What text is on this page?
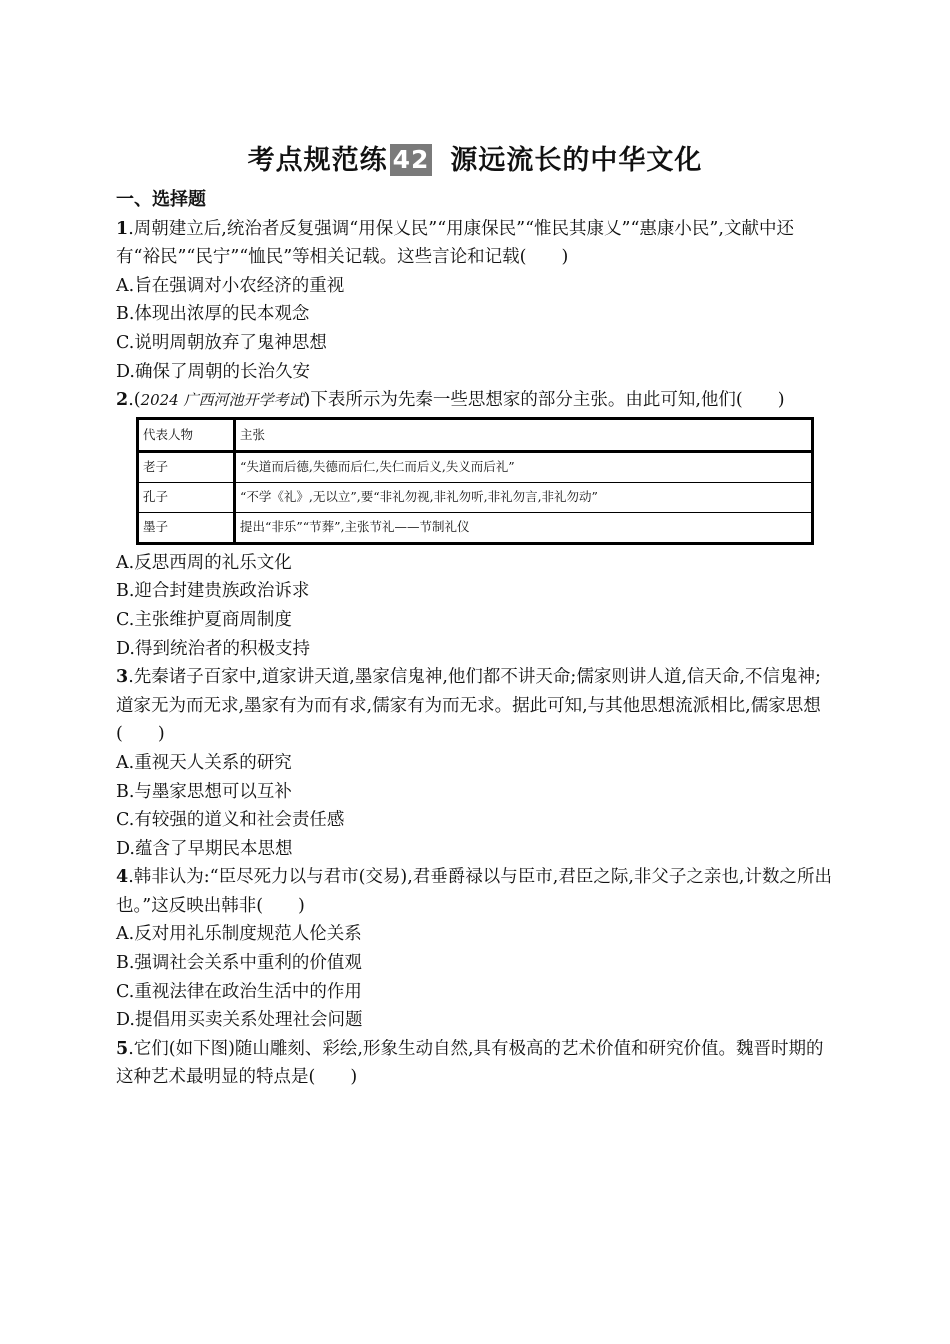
考点规范练 42 源远流长的中华文化
一、选择题
1.周朝建立后,统治者反复强调“用保乂民”“用康保民”“惟民其康乂”“惠康小民”,文献中还有“裕民”“民宁”“恤民”等相关记载。这些言论和记载(　　)
A.旨在强调对小农经济的重视
B.体现出浓厚的民本观念
C.说明周朝放弃了鬼神思想
D.确保了周朝的长治久安
2.(2024 广西河池开学考试)下表所示为先秦一些思想家的部分主张。由此可知,他们(　　)
代表人物	主张
老子	“失道而后德,失德而后仁,失仁而后义,失义而后礼”
孔子	“不学《礼》,无以立”,要“非礼勿视,非礼勿听,非礼勿言,非礼勿动”
墨子	提出“非乐”“节葬”,主张节礼——节制礼仪
A.反思西周的礼乐文化
B.迎合封建贵族政治诉求
C.主张维护夏商周制度
D.得到统治者的积极支持
3.先秦诸子百家中,道家讲天道,墨家信鬼神,他们都不讲天命;儒家则讲人道,信天命,不信鬼神;道家无为而无求,墨家有为而有求,儒家有为而无求。据此可知,与其他思想流派相比,儒家思想(　　)
A.重视天人关系的研究
B.与墨家思想可以互补
C.有较强的道义和社会责任感
D.蕴含了早期民本思想
4.韩非认为:“臣尽死力以与君市(交易),君垂爵禄以与臣市,君臣之际,非父子之亲也,计数之所出也。”这反映出韩非(　　)
A.反对用礼乐制度规范人伦关系
B.强调社会关系中重利的价值观
C.重视法律在政治生活中的作用
D.提倡用买卖关系处理社会问题
5.它们(如下图)随山雕刻、彩绘,形象生动自然,具有极高的艺术价值和研究价值。魏晋时期的这种艺术最明显的特点是(　　)
